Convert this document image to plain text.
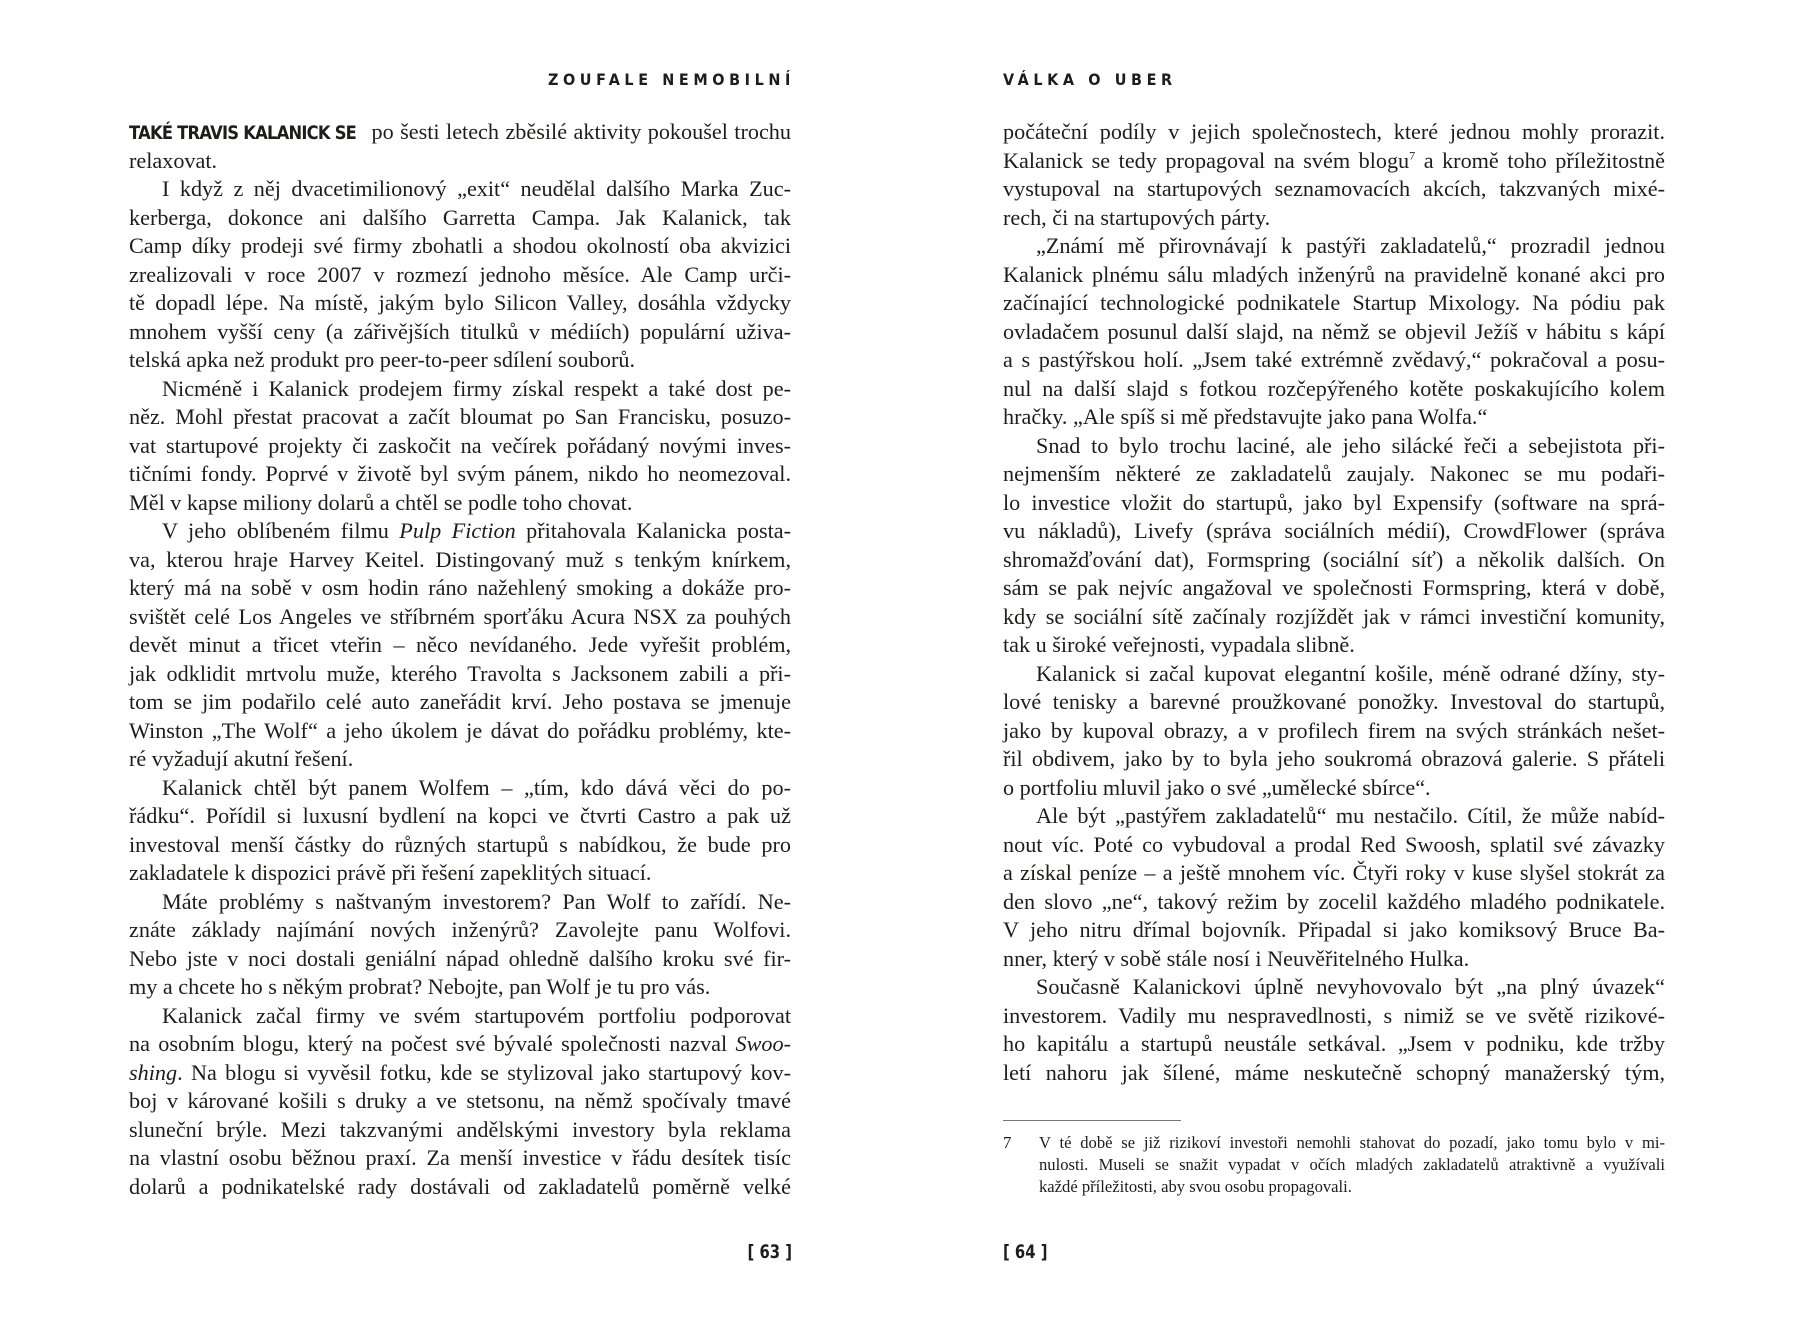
ZOUFALE NEMOBILNÍ
TAKÉ TRAVIS KALANICK SE po šesti letech zběsilé aktivity pokoušel trochu
relaxovat.
I když z něj dvacetimilionový „exit“ neudělal dalšího Marka Zuc-
kerberga, dokonce ani dalšího Garretta Campa. Jak Kalanick, tak
Camp díky prodeji své firmy zbohatli a shodou okolností oba akvizici
zrealizovali v roce 2007 v rozmezí jednoho měsíce. Ale Camp urči-
tě dopadl lépe. Na místě, jakým bylo Silicon Valley, dosáhla vždycky
mnohem vyšší ceny (a zářivějších titulků v médiích) populární uživa-
telská apka než produkt pro peer-to-peer sdílení souborů.
Nicméně i Kalanick prodejem firmy získal respekt a také dost pe-
něz. Mohl přestat pracovat a začít bloumat po San Francisku, posuzo-
vat startupové projekty či zaskočit na večírek pořádaný novými inves-
tičními fondy. Poprvé v životě byl svým pánem, nikdo ho neomezoval.
Měl v kapse miliony dolarů a chtěl se podle toho chovat.
V jeho oblíbeném filmu Pulp Fiction přitahovala Kalanicka posta-
va, kterou hraje Harvey Keitel. Distingovaný muž s tenkým knírkem,
který má na sobě v osm hodin ráno nažehlený smoking a dokáže pro-
svištět celé Los Angeles ve stříbrném sporťáku Acura NSX za pouhých
devět minut a třicet vteřin – něco nevídaného. Jede vyřešit problém,
jak odklidit mrtvolu muže, kterého Travolta s Jacksonem zabili a při-
tom se jim podařilo celé auto zaneřádit krví. Jeho postava se jmenuje
Winston „The Wolf“ a jeho úkolem je dávat do pořádku problémy, kte-
ré vyžadují akutní řešení.
Kalanick chtěl být panem Wolfem – „tím, kdo dává věci do po-
řádku“. Pořídil si luxusní bydlení na kopci ve čtvrti Castro a pak už
investoval menší částky do různých startupů s nabídkou, že bude pro
zakladatele k dispozici právě při řešení zapeklitých situací.
Máte problémy s naštvaným investorem? Pan Wolf to zařídí. Ne-
znáte základy najímání nových inženýrů? Zavolejte panu Wolfovi.
Nebo jste v noci dostali geniální nápad ohledně dalšího kroku své fir-
my a chcete ho s někým probrat? Nebojte, pan Wolf je tu pro vás.
Kalanick začal firmy ve svém startupovém portfoliu podporovat
na osobním blogu, který na počest své bývalé společnosti nazval Swoo-
shing. Na blogu si vyvěsil fotku, kde se stylizoval jako startupový kov-
boj v kárované košili s druky a ve stetsonu, na němž spočívaly tmavé
sluneční brýle. Mezi takzvanými andělskými investory byla reklama
na vlastní osobu běžnou praxí. Za menší investice v řádu desítek tisíc
dolarů a podnikatelské rady dostávali od zakladatelů poměrně velké
[ 63 ]
VÁLKA O UBER
počáteční podíly v jejich společnostech, které jednou mohly prorazit.
Kalanick se tedy propagoval na svém blogu$^7$ a kromě toho příležitostně
vystupoval na startupových seznamovacích akcích, takzvaných mixé-
rech, či na startupových párty.
„Známí mě přirovnávají k pastýři zakladatelů,“ prozradil jednou
Kalanick plnému sálu mladých inženýrů na pravidelně konané akci pro
začínající technologické podnikatele Startup Mixology. Na pódiu pak
ovladačem posunul další slajd, na němž se objevil Ježíš v hábitu s kápí
a s pastýřskou holí. „Jsem také extrémně zvědavý,“ pokračoval a posu-
nul na další slajd s fotkou rozčepýřeného kotěte poskakujícího kolem
hračky. „Ale spíš si mě představujte jako pana Wolfa.“
Snad to bylo trochu laciné, ale jeho silácké řeči a sebejistota při-
nejmenším některé ze zakladatelů zaujaly. Nakonec se mu podaři-
lo investice vložit do startupů, jako byl Expensify (software na sprá-
vu nákladů), Livefy (správa sociálních médií), CrowdFlower (správa
shromažďování dat), Formspring (sociální síť) a několik dalších. On
sám se pak nejvíc angažoval ve společnosti Formspring, která v době,
kdy se sociální sítě začínaly rozjíždět jak v rámci investiční komunity,
tak u široké veřejnosti, vypadala slibně.
Kalanick si začal kupovat elegantní košile, méně odrané džíny, sty-
lové tenisky a barevné proužkované ponožky. Investoval do startupů,
jako by kupoval obrazy, a v profilech firem na svých stránkách nešet-
řil obdivem, jako by to byla jeho soukromá obrazová galerie. S přáteli
o portfoliu mluvil jako o své „umělecké sbírce“.
Ale být „pastýřem zakladatelů“ mu nestačilo. Cítil, že může nabíd-
nout víc. Poté co vybudoval a prodal Red Swoosh, splatil své závazky
a získal peníze – a ještě mnohem víc. Čtyři roky v kuse slyšel stokrát za
den slovo „ne“, takový režim by zocelil každého mladého podnikatele.
V jeho nitru dřímal bojovník. Připadal si jako komiksový Bruce Ba-
nner, který v sobě stále nosí i Neuvěřitelného Hulka.
Současně Kalanickovi úplně nevyhovovalo být „na plný úvazek“
investorem. Vadily mu nespravedlnosti, s nimiž se ve světě rizikové-
ho kapitálu a startupů neustále setkával. „Jsem v podniku, kde tržby
letí nahoru jak šílené, máme neskutečně schopný manažerský tým,
7 V té době se již rizikoví investoři nemohli stahovat do pozadí, jako tomu bylo v mi-
nulosti. Museli se snažit vypadat v očích mladých zakladatelů atraktivně a využívali
každé příležitosti, aby svou osobu propagovali.
[ 64 ]
